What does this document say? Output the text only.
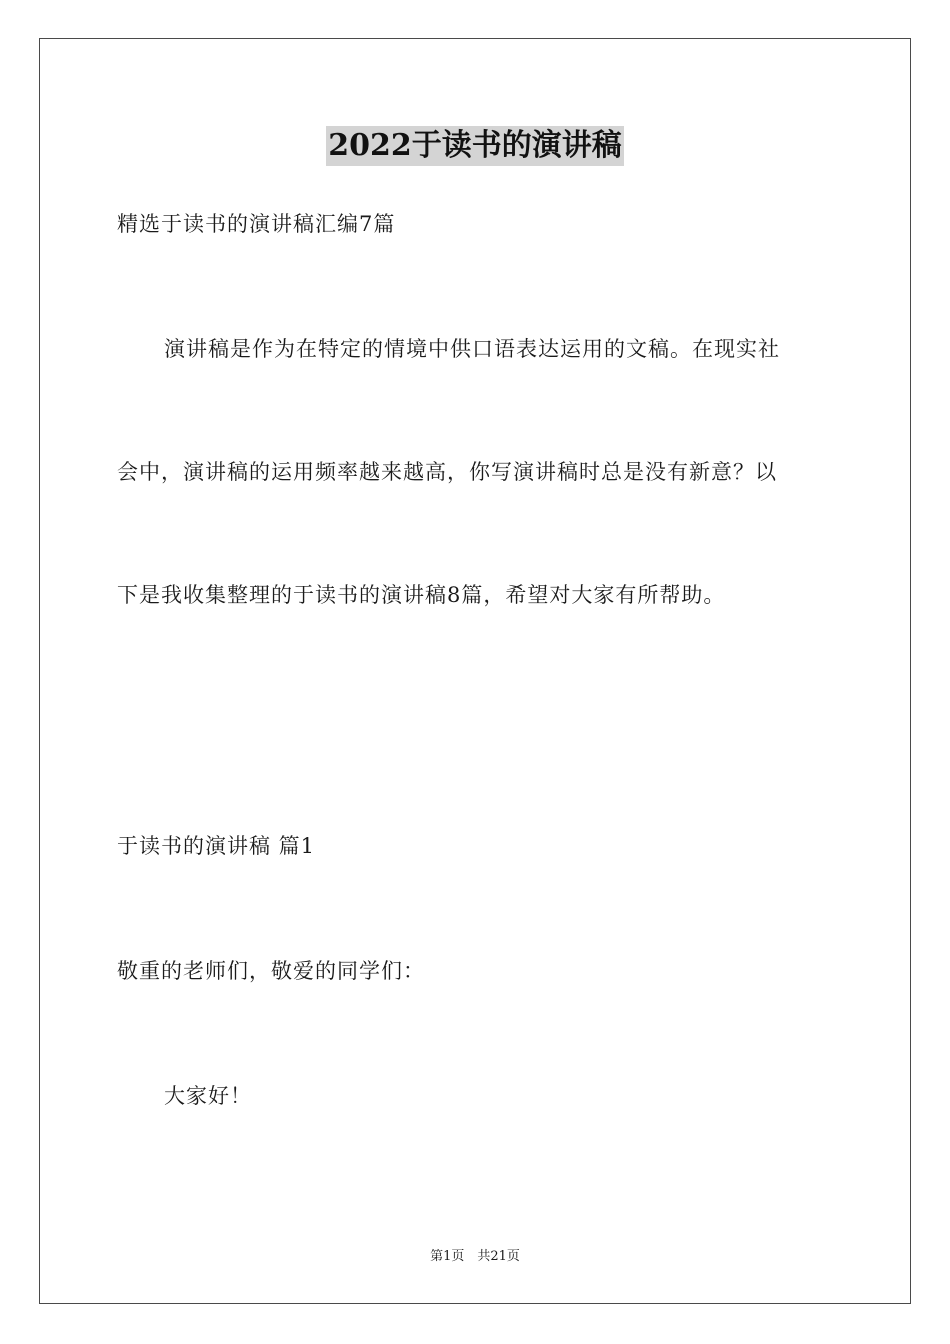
2022于读书的演讲稿
精选于读书的演讲稿汇编7篇
演讲稿是作为在特定的情境中供口语表达运用的文稿。在现实社
会中，演讲稿的运用频率越来越高，你写演讲稿时总是没有新意？以
下是我收集整理的于读书的演讲稿8篇，希望对大家有所帮助。
于读书的演讲稿 篇1
敬重的老师们，敬爱的同学们：
大家好！
第1页　共21页
